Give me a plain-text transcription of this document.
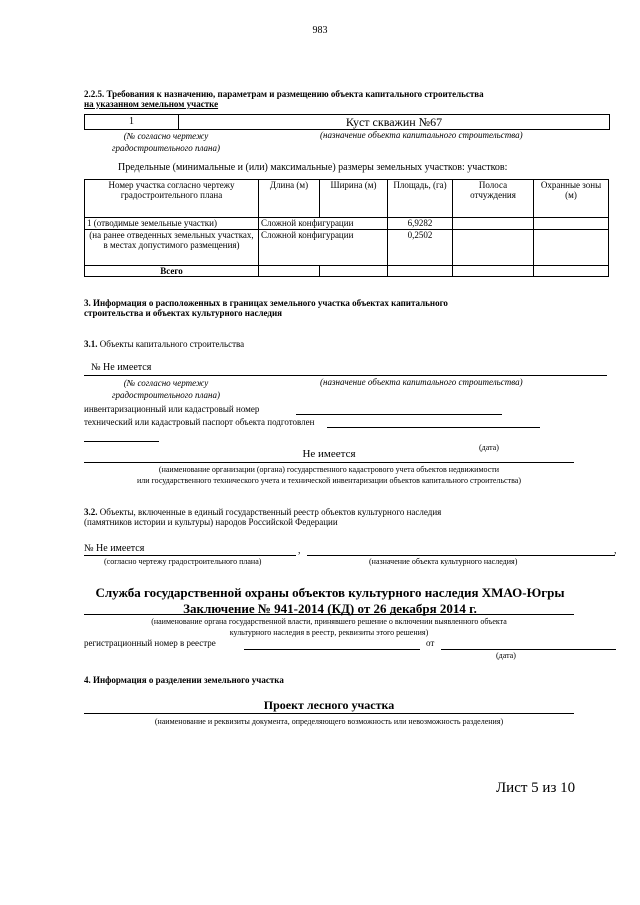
983
2.2.5. Требования к назначению, параметрам и размещению объекта капитального строительства
на указанном земельном участке
1	Куст скважин №67
(№ согласно чертежу
градостроительного плана)
(назначение объекта капитального строительства)
Предельные (минимальные и (или) максимальные) размеры земельных участков: участков:
Номер участка согласно чертежу градостроительного плана	Длина (м)	Ширина (м)	Площадь, (га)	Полоса отчуждения	Охранные зоны (м)
1 (отводимые земельные участки)	Сложной конфигурации		6,9282		
(на ранее отведенных земельных участках, в местах допустимого размещения)	Сложной конфигурации		0,2502		
Всего					
3. Информация о расположенных в границах земельного участка объектах капитального
строительства и объектах культурного наследия
3.1. Объекты капитального строительства
№ Не имеется
(№ согласно чертежу
градостроительного плана)
(назначение объекта капитального строительства)
инвентаризационный или кадастровый номер
технический или кадастровый паспорт объекта подготовлен
(дата)
Не имеется
(наименование организации (органа) государственного кадастрового учета объектов недвижимости
или государственного технического учета и технической инвентаризации объектов капитального строительства)
3.2. Объекты, включенные в единый государственный реестр объектов культурного наследия
(памятников истории и культуры) народов Российской Федерации
№ Не имеется	,	,
(согласно чертежу градостроительного плана)	(назначение объекта культурного наследия)
Служба государственной охраны объектов культурного наследия ХМАО-Югры
Заключение № 941-2014 (КД) от 26 декабря 2014 г.
(наименование органа государственной власти, принявшего решение о включении выявленного объекта
культурного наследия в реестр, реквизиты этого решения)
регистрационный номер в реестре	от
(дата)
4. Информация о разделении земельного участка
Проект лесного участка
(наименование и реквизиты документа, определяющего возможность или невозможность разделения)
Лист 5 из 10
